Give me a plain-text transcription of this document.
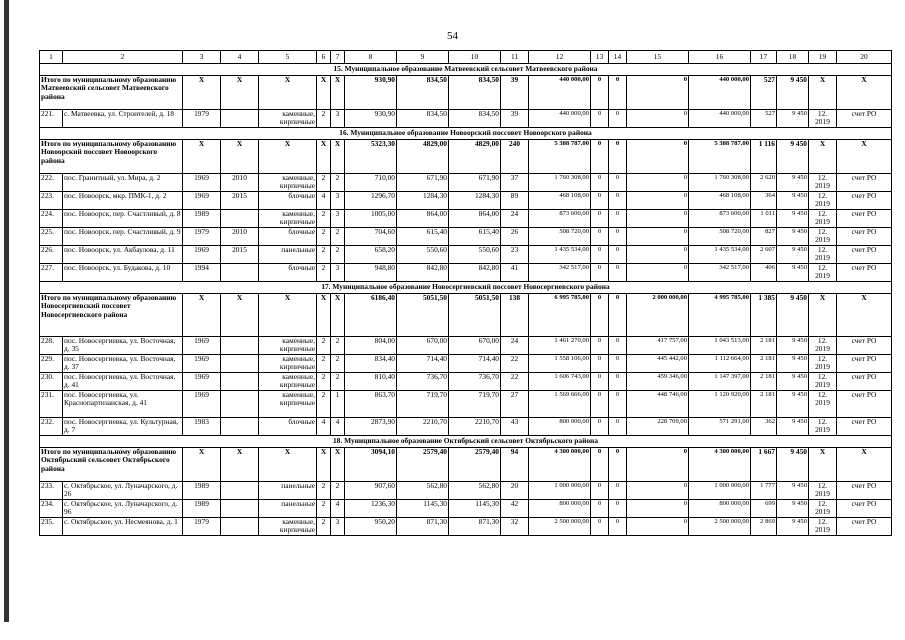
54
1	2	3	4	5	6	7	8	9	10	11	12	13	14	15	16	17	18	19	20
15. Муниципальное образование Матвеевский сельсовет Матвеевского района																			
Итого по муниципальному образованию Матвеевский сельсовет Матвеевского района		X	X	X	X	X	930,90	834,50	834,50	39	440 000,00	0	0	0	440 000,00	527	9 450	X	X
221.	с. Матвеевка, ул. Строителей, д. 18	1979		каменные, кирпичные	2	3	930,90	834,50	834,50	39	440 000,00	0	0	0	440 000,00	527	9 450	12. 2019	счет РО
16. Муниципальное образование Новоорский поссовет Новоорского района																			
Итого по муниципальному образованию Новоорский поссовет Новоорского района		X	X	X	X	X	5323,30	4829,00	4829,00	240	5 388 787,00	0	0	0	5 388 787,00	1 116	9 450	X	X
222.	пос. Гранитный, ул. Мира, д. 2	1969	2010	каменные, кирпичные	2	2	710,00	671,90	671,90	37	1 760 308,00	0	0	0	1 760 308,00	2 620	9 450	12. 2019	счет РО
223.	пос. Новоорск, мкр. ПМК-1, д. 2	1969	2015	блочные	4	3	1296,70	1284,30	1284,30	89	468 108,00	0	0	0	468 108,00	364	9 450	12. 2019	счет РО
224.	пос. Новоорск, пер. Счастливый, д. 8	1989		каменные, кирпичные	2	3	1005,00	864,00	864,00	24	873 600,00	0	0	0	873 600,00	1 011	9 450	12. 2019	счет РО
225.	пос. Новоорск, пер. Счастливый, д. 9	1979	2010	блочные	2	2	704,60	615,40	615,40	26	508 720,00	0	0	0	508 720,00	827	9 450	12. 2019	счет РО
226.	пос. Новоорск, ул. Акбаулова, д. 11	1969	2015	панельные	2	2	658,20	550,60	550,60	23	1 435 534,00	0	0	0	1 435 534,00	2 607	9 450	12. 2019	счет РО
227.	пос. Новоорск, ул. Будакова, д. 10	1994		блочные	2	3	948,80	842,80	842,80	41	342 517,00	0	0	0	342 517,00	406	9 450	12. 2019	счет РО
17. Муниципальное образование Новосергиевский поссовет Новосергиевского района																			
Итого по муниципальному образованию Новосергиевский поссовет Новосергиевского района		X	X	X	X	X	6186,40	5051,50	5051,50	138	6 995 785,00	0	0	2 000 000,00	4 995 785,00	1 385	9 450	X	X
228.	пос. Новосергиевка, ул. Восточная, д. 35	1969		каменные, кирпичные	2	2	804,00	670,00	670,00	24	1 461 270,00	0	0	417 757,00	1 043 513,00	2 181	9 450	12. 2019	счет РО
229.	пос. Новосергиевка, ул. Восточная, д. 37	1969		каменные, кирпичные	2	2	834,40	714,40	714,40	22	1 558 106,00	0	0	445 442,00	1 112 664,00	2 181	9 450	12. 2019	счет РО
230.	пос. Новосергиевка, ул. Восточная, д. 41	1969		каменные, кирпичные	2	2	810,40	736,70	736,70	22	1 606 743,00	0	0	459 346,00	1 147 397,00	2 181	9 450	12. 2019	счет РО
231.	пос. Новосергиевка, ул. Краснопартизанская, д. 41	1969		каменные, кирпичные	2	1	863,70	719,70	719,70	27	1 569 666,00	0	0	448 746,00	1 120 920,00	2 181	9 450	12. 2019	счет РО
232.	пос. Новосергиевка, ул. Культурная, д. 7	1983		блочные	4	4	2873,90	2210,70	2210,70	43	800 000,00	0	0	228 709,00	571 291,00	362	9 450	12. 2019	счет РО
18. Муниципальное образование Октябрьский сельсовет Октябрьского района																			
Итого по муниципальному образованию Октябрьский сельсовет Октябрьского района		X	X	X	X	X	3094,10	2579,40	2579,40	94	4 300 000,00	0	0	0	4 300 000,00	1 667	9 450	X	X
233.	с. Октябрьское, ул. Луначарского, д. 26	1989		панельные	2	2	907,60	562,80	562,80	20	1 000 000,00	0	0	0	1 000 000,00	1 777	9 450	12. 2019	счет РО
234.	с. Октябрьское, ул. Луначарского, д. 96	1989		панельные	2	4	1236,30	1145,30	1145,30	42	800 000,00	0	0	0	800 000,00	699	9 450	12. 2019	счет РО
235.	с. Октябрьское, ул. Несмеянова, д. 1	1979		каменные, кирпичные	2	3	950,20	871,30	871,30	32	2 500 000,00	0	0	0	2 500 000,00	2 869	9 450	12. 2019	счет РО
